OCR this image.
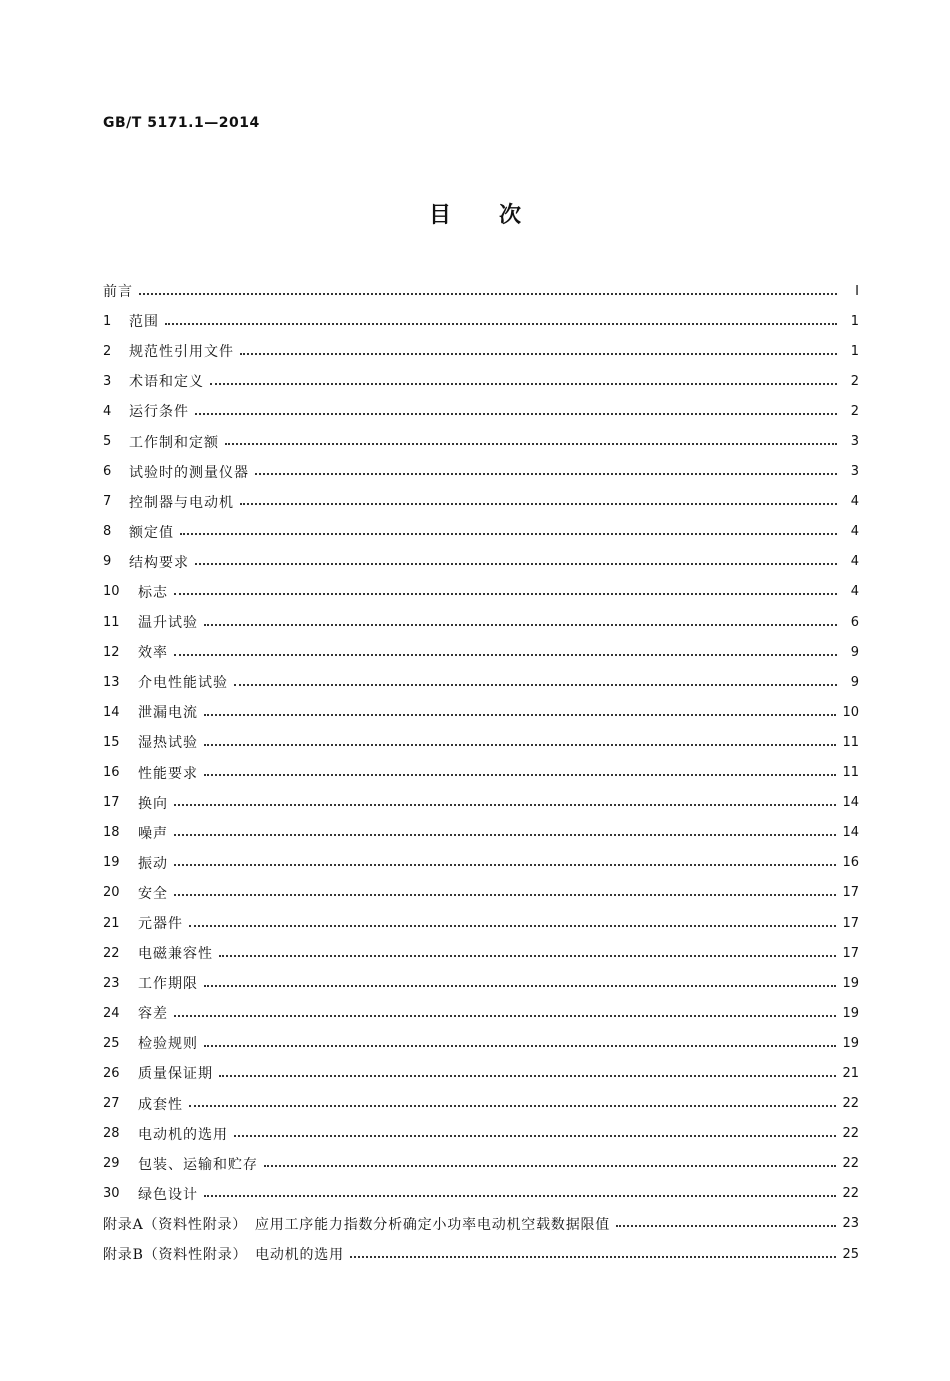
GB/T 5171.1—2014
目次
前言	I
1	范围	1
2	规范性引用文件	1
3	术语和定义	2
4	运行条件	2
5	工作制和定额	3
6	试验时的测量仪器	3
7	控制器与电动机	4
8	额定值	4
9	结构要求	4
10	标志	4
11	温升试验	6
12	效率	9
13	介电性能试验	9
14	泄漏电流	10
15	湿热试验	11
16	性能要求	11
17	换向	14
18	噪声	14
19	振动	16
20	安全	17
21	元器件	17
22	电磁兼容性	17
23	工作期限	19
24	容差	19
25	检验规则	19
26	质量保证期	21
27	成套性	22
28	电动机的选用	22
29	包装、运输和贮存	22
30	绿色设计	22
附录A（资料性附录）　应用工序能力指数分析确定小功率电动机空载数据限值	23
附录B（资料性附录）　电动机的选用	25
